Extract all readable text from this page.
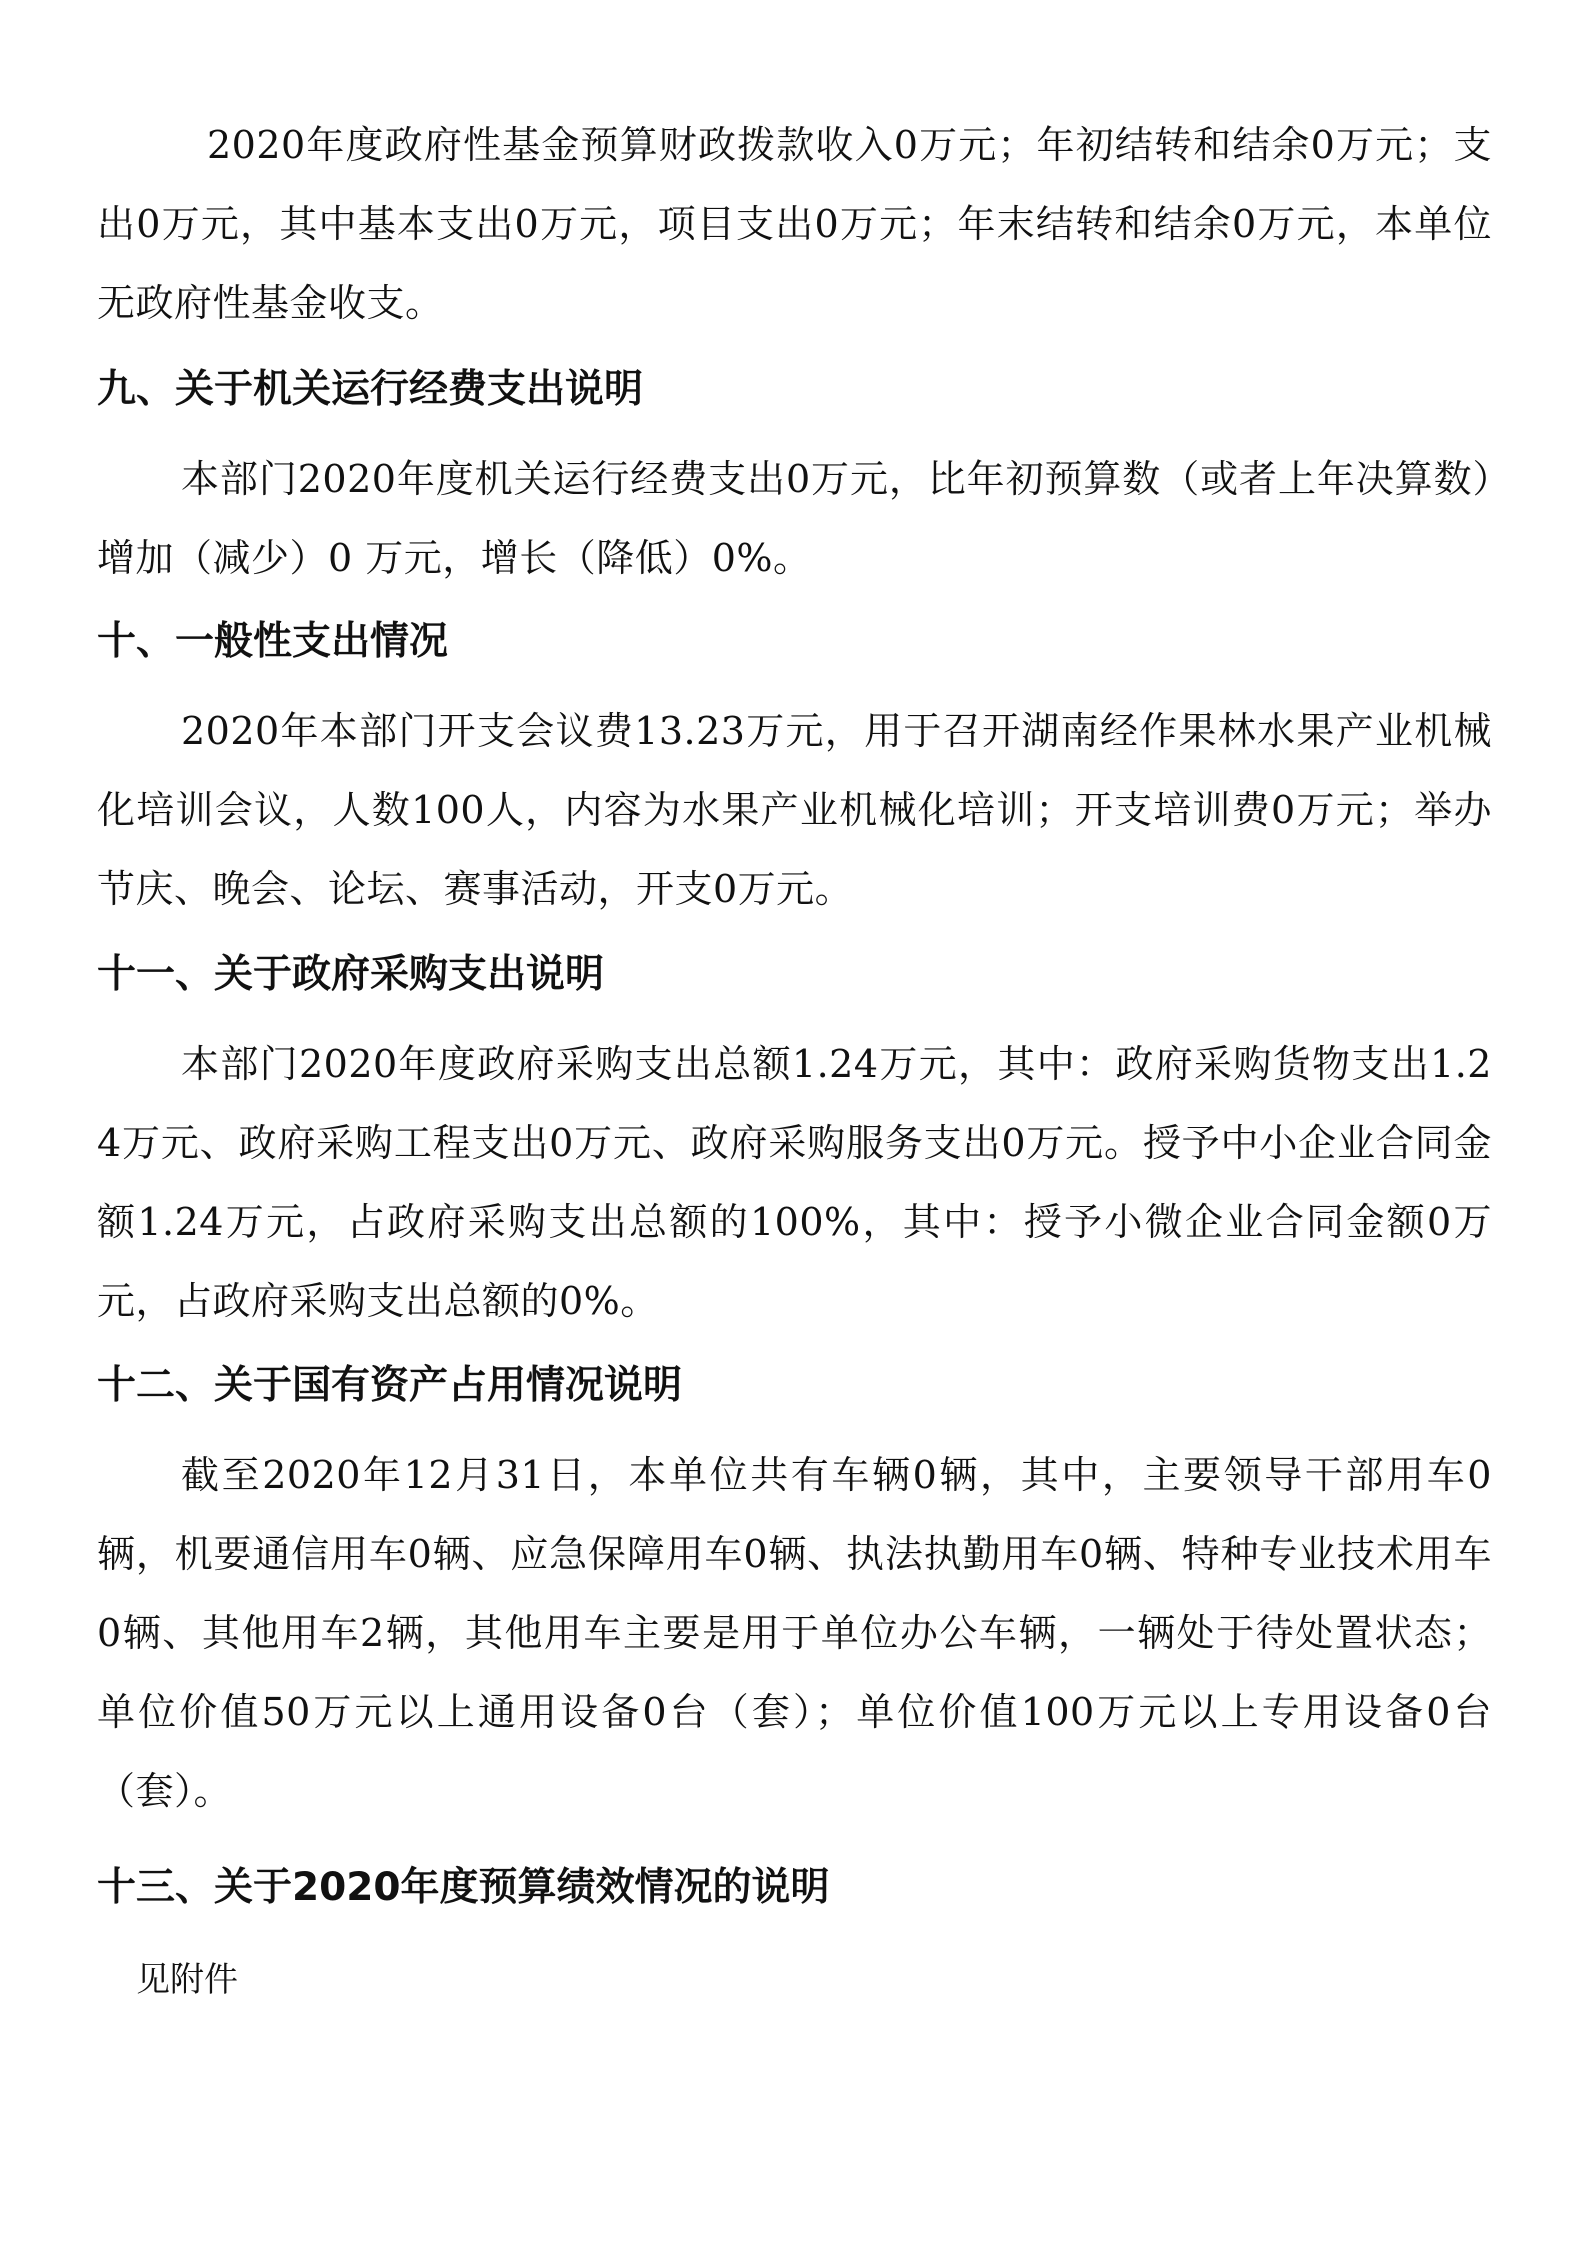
2020年度政府性基金预算财政拨款收入0万元；年初结转和结余0万元；支出0万元，其中基本支出0万元，项目支出0万元；年末结转和结余0万元，本单位无政府性基金收支。

九、关于机关运行经费支出说明

本部门2020年度机关运行经费支出0万元，比年初预算数（或者上年决算数）增加（减少）0 万元，增长（降低）0%。

十、一般性支出情况

2020年本部门开支会议费13.23万元，用于召开湖南经作果林水果产业机械化培训会议，人数100人，内容为水果产业机械化培训；开支培训费0万元；举办节庆、晚会、论坛、赛事活动，开支0万元。

十一、关于政府采购支出说明

本部门2020年度政府采购支出总额1.24万元，其中：政府采购货物支出1.24万元、政府采购工程支出0万元、政府采购服务支出0万元。授予中小企业合同金额1.24万元，占政府采购支出总额的100%，其中：授予小微企业合同金额0万元，占政府采购支出总额的0%。

十二、关于国有资产占用情况说明

截至2020年12月31日，本单位共有车辆0辆，其中，主要领导干部用车0辆，机要通信用车0辆、应急保障用车0辆、执法执勤用车0辆、特种专业技术用车0辆、其他用车2辆，其他用车主要是用于单位办公车辆，一辆处于待处置状态；单位价值50万元以上通用设备0台（套）；单位价值100万元以上专用设备0台（套）。

十三、关于2020年度预算绩效情况的说明

见附件
